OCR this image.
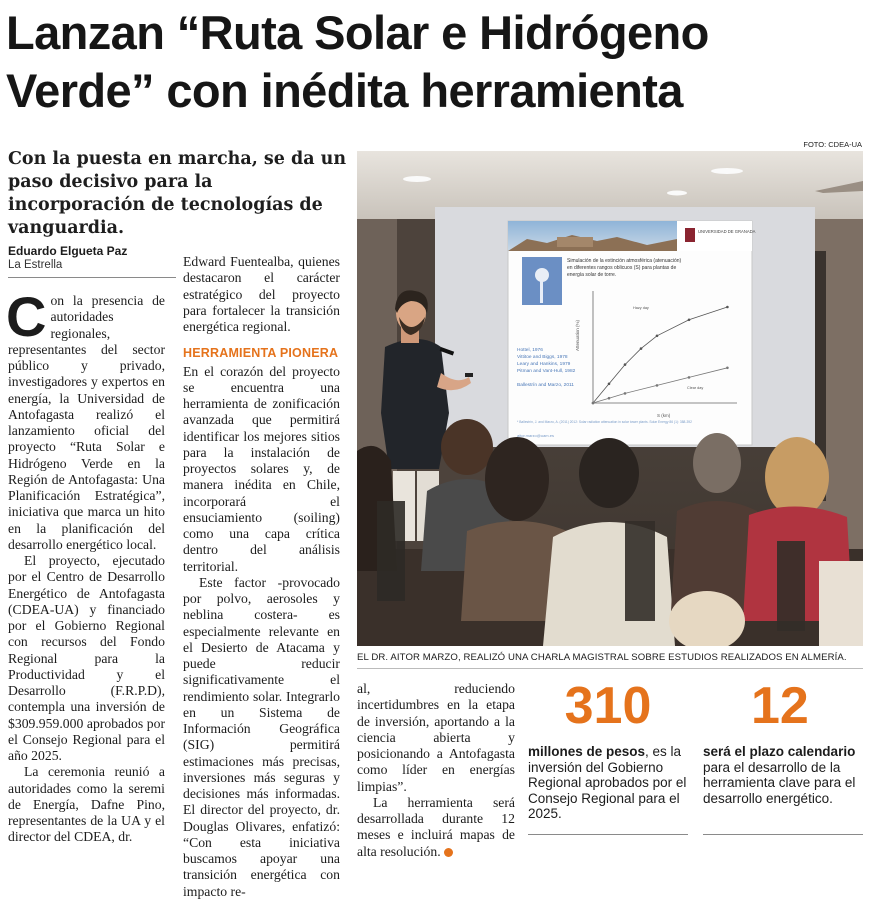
Lanzan “Ruta Solar e Hidrógeno
Verde” con inédita herramienta

Con la puesta en marcha, se da un paso decisivo para la incorporación de tecnologías de vanguardia.

Eduardo Elgueta Paz
La Estrella

Con la presencia de autoridades regionales, representantes del sector público y privado, investigadores y expertos en energía, la Universidad de Antofagasta realizó el lanzamiento oficial del proyecto “Ruta Solar e Hidrógeno Verde en la Región de Antofagasta: Una Planificación Estratégica”, iniciativa que marca un hito en la planificación del desarrollo energético local.

El proyecto, ejecutado por el Centro de Desarrollo Energético de Antofagasta (CDEA-UA) y financiado por el Gobierno Regional con recursos del Fondo Regional para la Productividad y el Desarrollo (F.R.P.D), contempla una inversión de $309.959.000 aprobados por el Consejo Regional para el año 2025.

La ceremonia reunió a autoridades como la seremi de Energía, Dafne Pino, representantes de la UA y el director del CDEA, dr.

Edward Fuentealba, quienes destacaron el carácter estratégico del proyecto para fortalecer la transición energética regional.

HERRAMIENTA PIONERA

En el corazón del proyecto se encuentra una herramienta de zonificación avanzada que permitirá identificar los mejores sitios para la instalación de proyectos solares y, de manera inédita en Chile, incorporará el ensuciamiento (soiling) como una capa crítica dentro del análisis territorial.

Este factor -provocado por polvo, aerosoles y neblina costera- es especialmente relevante en el Desierto de Atacama y puede reducir significativamente el rendimiento solar. Integrarlo en un Sistema de Información Geográfica (SIG) permitirá estimaciones más precisas, inversiones más seguras y decisiones más informadas. El director del proyecto, dr. Douglas Olivares, enfatizó: “Con esta iniciativa buscamos apoyar una transición energética con impacto re-

al, reduciendo incertidumbres en la etapa de inversión, aportando a la ciencia abierta y posicionando a Antofagasta como líder en energías limpias”.

La herramienta será desarrollada durante 12 meses e incluirá mapas de alta resolución.

FOTO: CDEA-UA
UNIVERSIDAD DE GRANADA
Simulación de la extinción atmosférica (atenuación) en diferentes rangos oblicuos (S) para plantas de energía solar de torre.
Attenuation (%)
S (km)
Hazy day
Clear day
Hottel, 1976 Vittitoe and Biggs, 1978 Leary and Hankins, 1979 Pitman and Vant-Hull, 1982 Ballestrín and Marzo, 2011
* Ballestrín, J. and Marzo, A. (2011) 2012: Solar radiation attenuation in solar tower plants. Solar Energy 86 (1): 388-392
aitor.marzo@uam.es
EL DR. AITOR MARZO, REALIZÓ UNA CHARLA MAGISTRAL SOBRE ESTUDIOS REALIZADOS EN ALMERÍA.
310
millones de pesos, es la inversión del Gobierno Regional aprobados por el Consejo Regional para el 2025.
12
será el plazo calendario para el desarrollo de la herramienta clave para el desarrollo energético.
